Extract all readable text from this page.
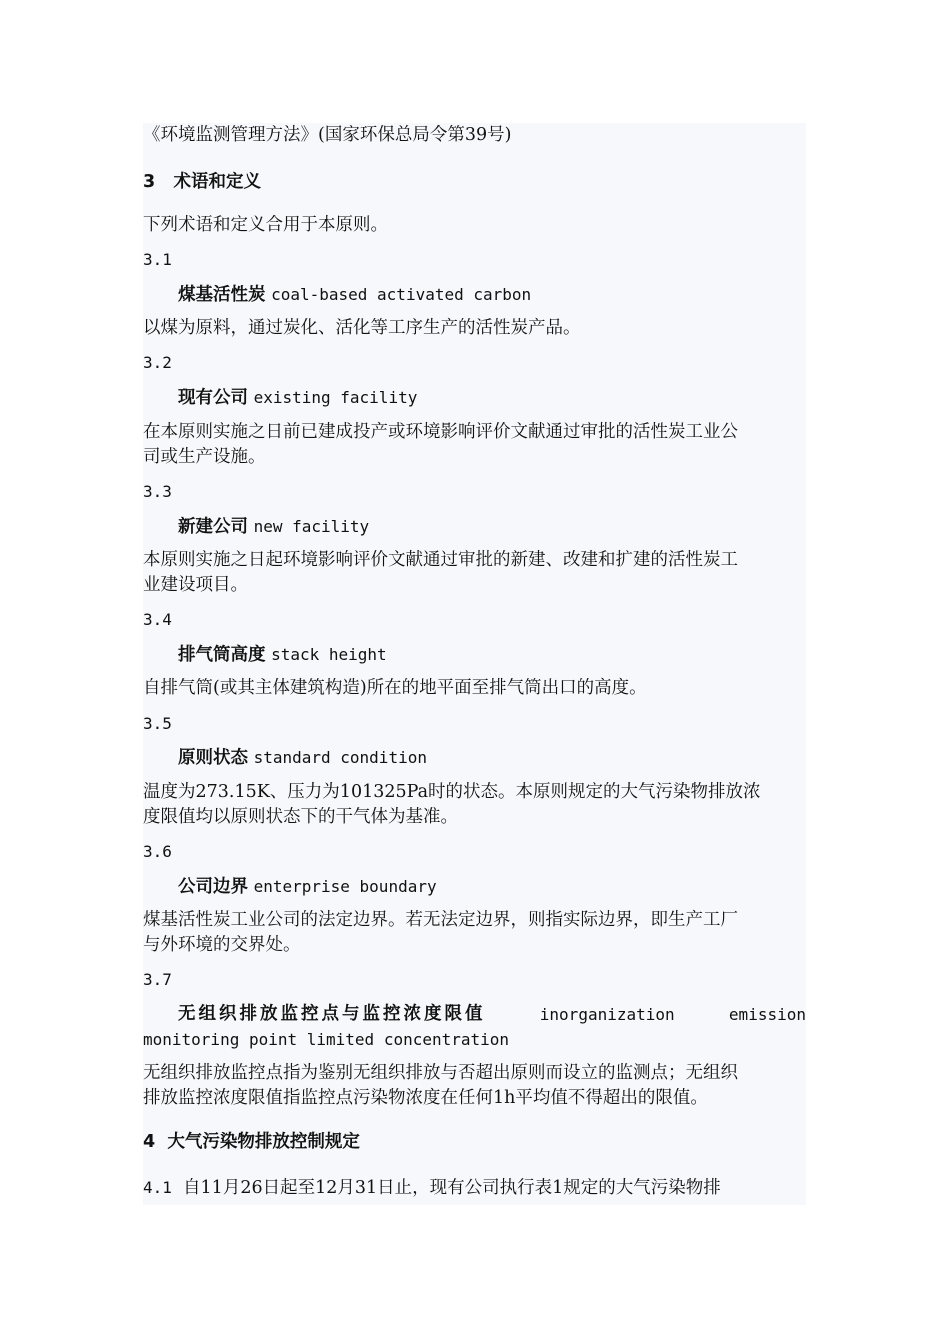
《环境监测管理方法》(国家环保总局令第39号)
3 术语和定义
下列术语和定义合用于本原则。
3.1
煤基活性炭 coal-based activated carbon
以煤为原料，通过炭化、活化等工序生产的活性炭产品。
3.2
现有公司 existing facility
在本原则实施之日前已建成投产或环境影响评价文献通过审批的活性炭工业公
司或生产设施。
3.3
新建公司 new facility
本原则实施之日起环境影响评价文献通过审批的新建、改建和扩建的活性炭工
业建设项目。
3.4
排气筒高度 stack height
自排气筒(或其主体建筑构造)所在的地平面至排气筒出口的高度。
3.5
原则状态 standard condition
温度为273.15K、压力为101325Pa时的状态。本原则规定的大气污染物排放浓
度限值均以原则状态下的干气体为基准。
3.6
公司边界 enterprise boundary
煤基活性炭工业公司的法定边界。若无法定边界，则指实际边界，即生产工厂
与外环境的交界处。
3.7
无组织排放监控点与监控浓度限值	inorganization	emission
monitoring point limited concentration
无组织排放监控点指为鉴别无组织排放与否超出原则而设立的监测点；无组织
排放监控浓度限值指监控点污染物浓度在任何1h平均值不得超出的限值。
4 大气污染物排放控制规定
4.1 自11月26日起至12月31日止，现有公司执行表1规定的大气污染物排
